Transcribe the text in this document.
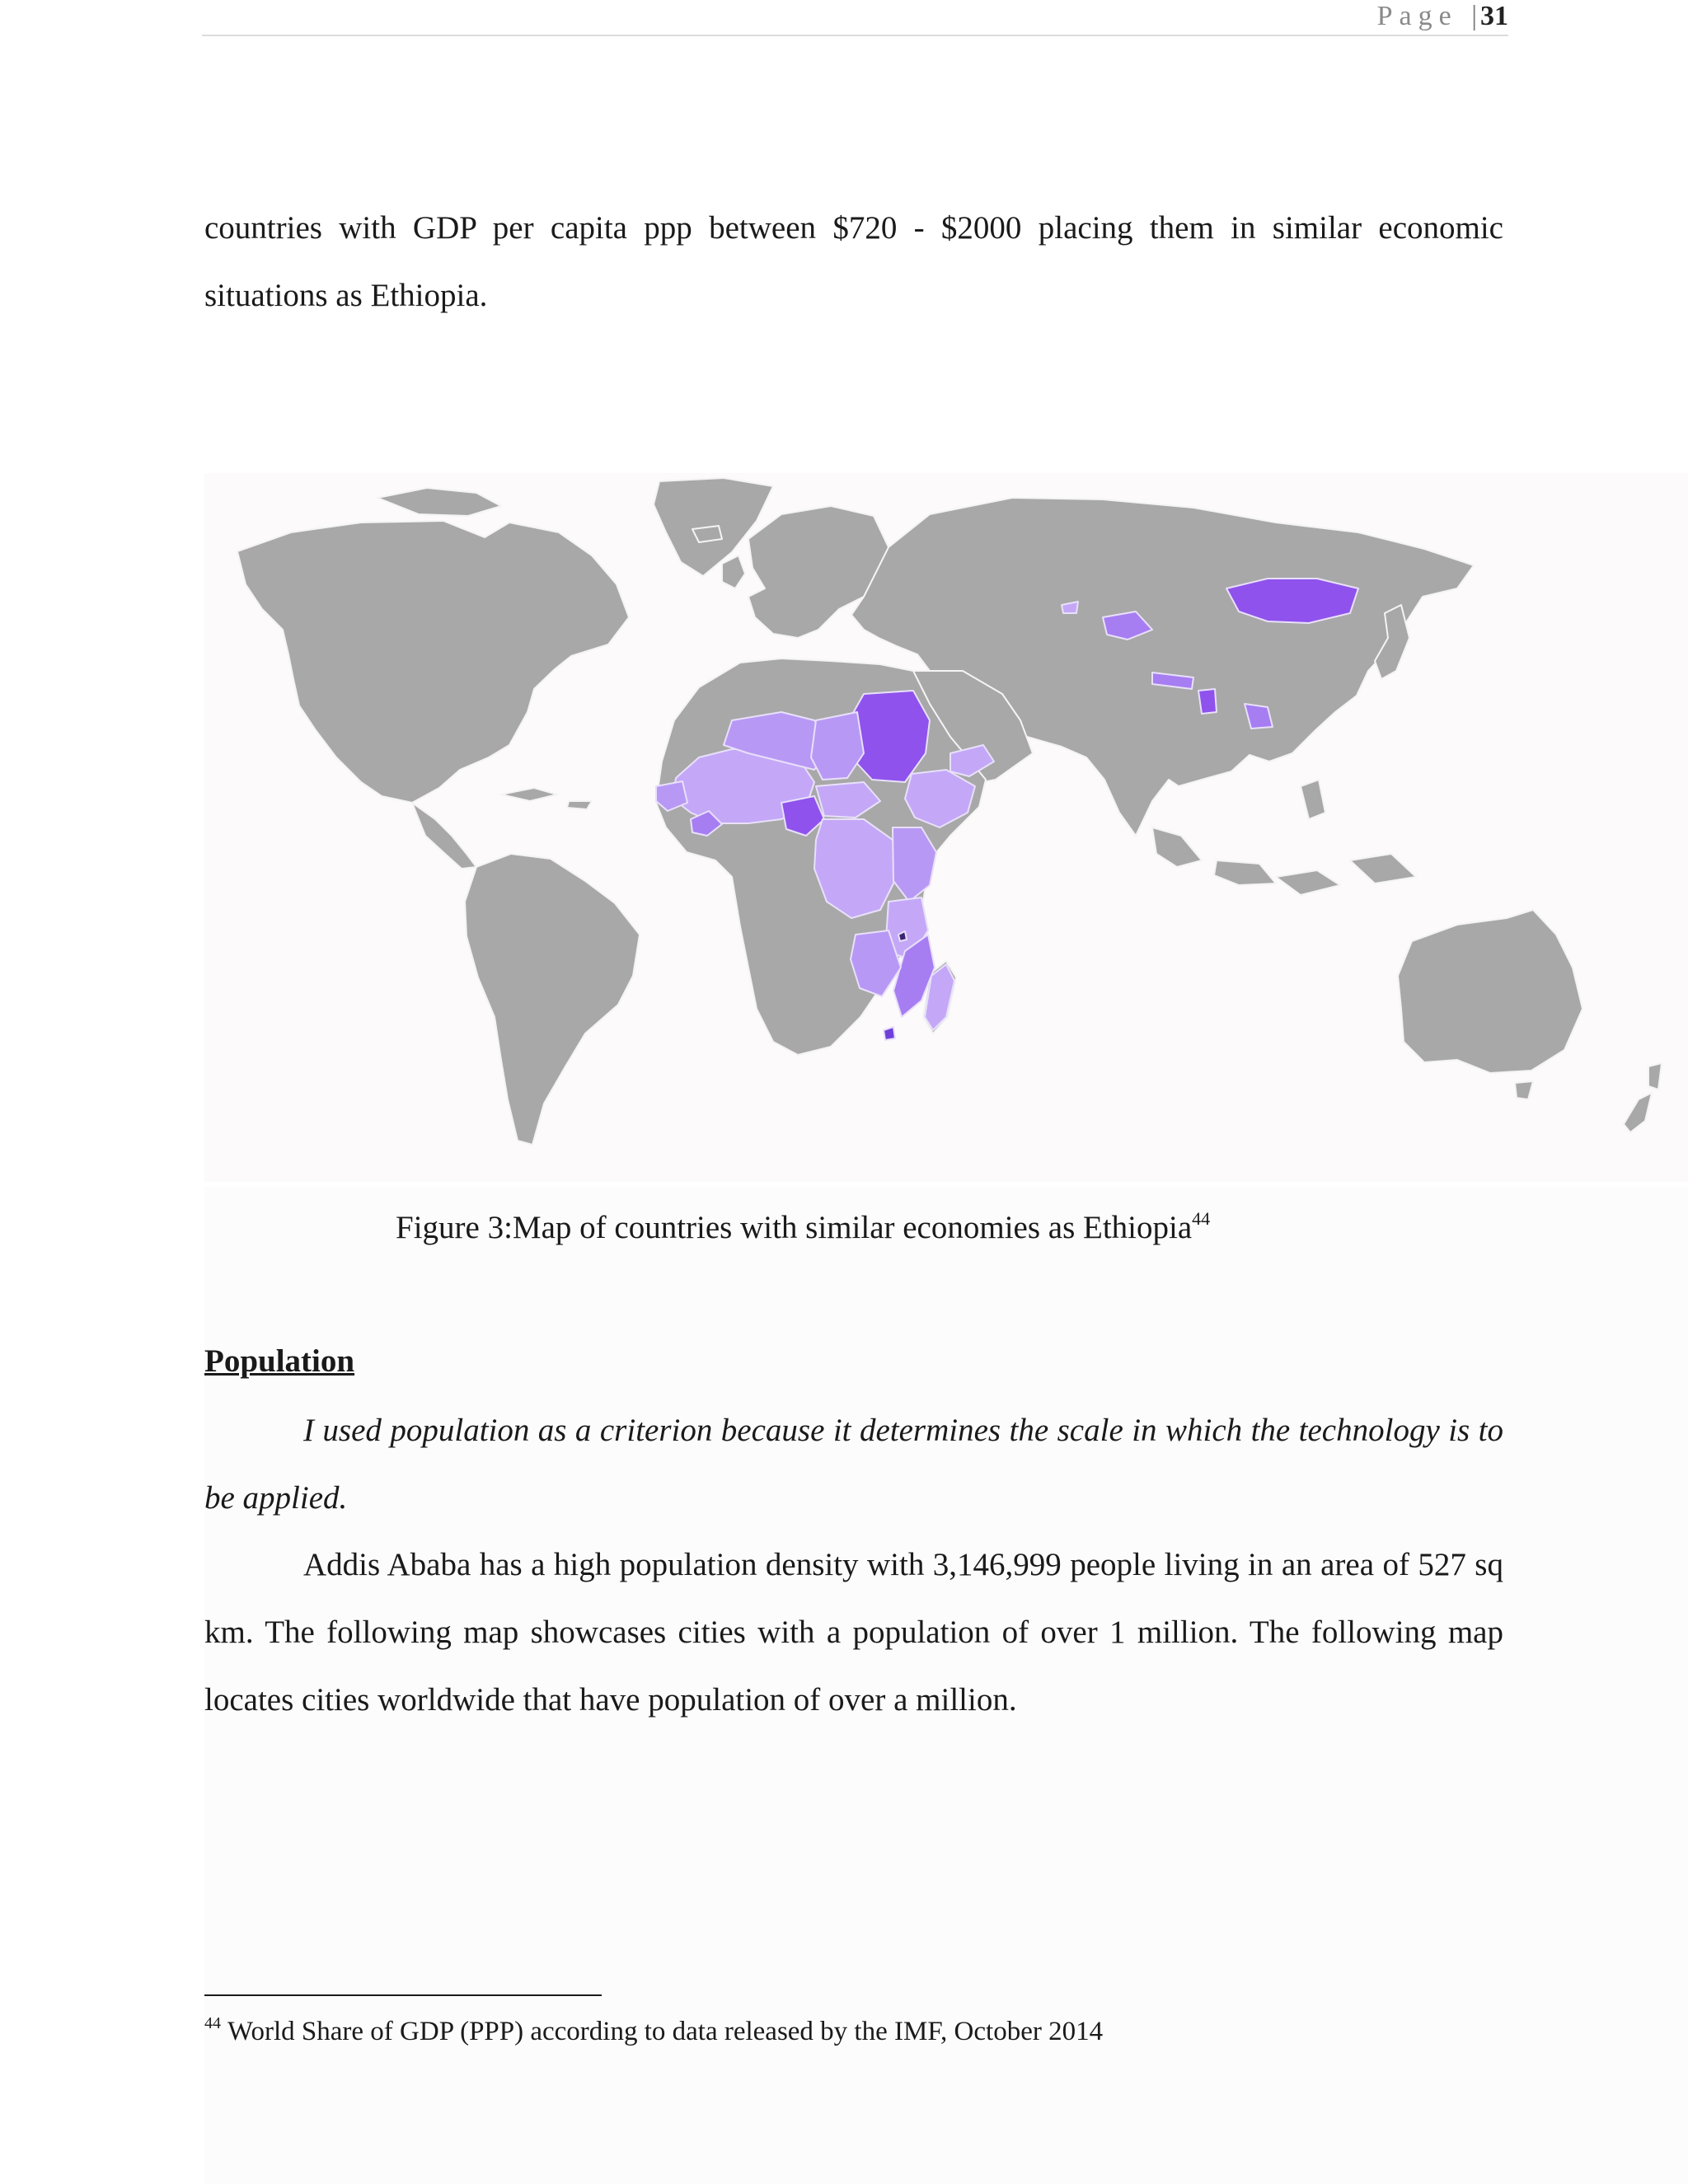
Page | 31

countries with GDP per capita ppp between $720 - $2000 placing them in similar economic situations as Ethiopia.

Figure 3:Map of countries with similar economies as Ethiopia$^{44}$
Population

I used population as a criterion because it determines the scale in which the technology is to be applied.

Addis Ababa has a high population density with 3,146,999 people living in an area of 527 sq km. The following map showcases cities with a population of over 1 million. The following map locates cities worldwide that have population of over a million.

$^{44}$ World Share of GDP (PPP) according to data released by the IMF, October 2014
